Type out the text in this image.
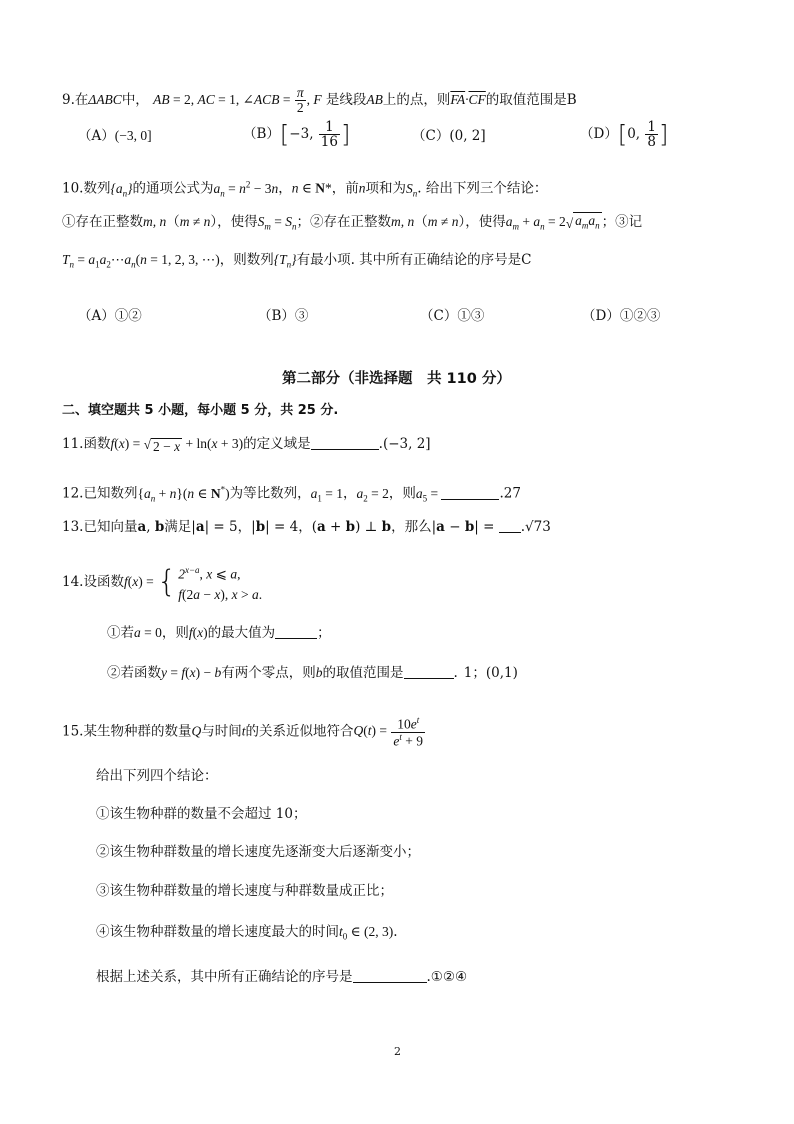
9.在ΔABC中， AB = 2, AC = 1, ∠ACB = $\frac{\pi}{2}$ , F 是线段AB上的点，则$\overline{FA}\cdot\overline{CF}$的取值范围是B
（A）(−3, 0]	（B）[−3, $\frac{1}{16}$ ]	（C）(0, 2]	（D）[0, $\frac{1}{8}$ ]
10.数列$\{a_n\}$的通项公式为$a_n = n^2 - 3n$，n ∈ N*，前n项和为$S_n$. 给出下列三个结论：
①存在正整数m, n（m ≠ n），使得$S_m = S_n$；②存在正整数m, n（m ≠ n），使得$a_m + a_n = 2$ √ $a_ma_n$ ；③记
$T_n$ = $a_1a_2\cdots a_n(n = 1$, 2, 3, ⋯)，则数列$\{T_n\}$有最小项. 其中所有正确结论的序号是C
（A）①②	（B）③	（C）①③	（D）①②③
第二部分（非选择题　共 110 分）
二、填空题共 5 小题，每小题 5 分，共 25 分.
11.函数f(x) = √ 2 − x + ln(x + 3)的定义域是	.(−3, 2]
12.已知数列$\{a_n + n\}(n$ ∈ N*)为等比数列，$a_1 = 1$，$a_2 = 2$，则$a_5$ =	.27
13.已知向量a, b满足|a| = 5，|b| = 4，(a + b) ⊥ b，那么|a − b| = .√73
14.设函数f(x) = { $2^{x-a}$, x ⩽ a,
f(2a − x), x > a.
①若a = 0，则f(x)的最大值为	；
②若函数y = f(x) − b有两个零点，则b的取值范围是	. 1；(0,1)
15.某生物种群的数量Q与时间t的关系近似地符合$Q(t) = \frac{10e^t}{e^t + 9}$
给出下列四个结论：
①该生物种群的数量不会超过 10；
②该生物种群数量的增长速度先逐渐变大后逐渐变小；
③该生物种群数量的增长速度与种群数量成正比；
④该生物种群数量的增长速度最大的时间$t_0$ ∈ (2, 3).
根据上述关系，其中所有正确结论的序号是	.①②④
2
